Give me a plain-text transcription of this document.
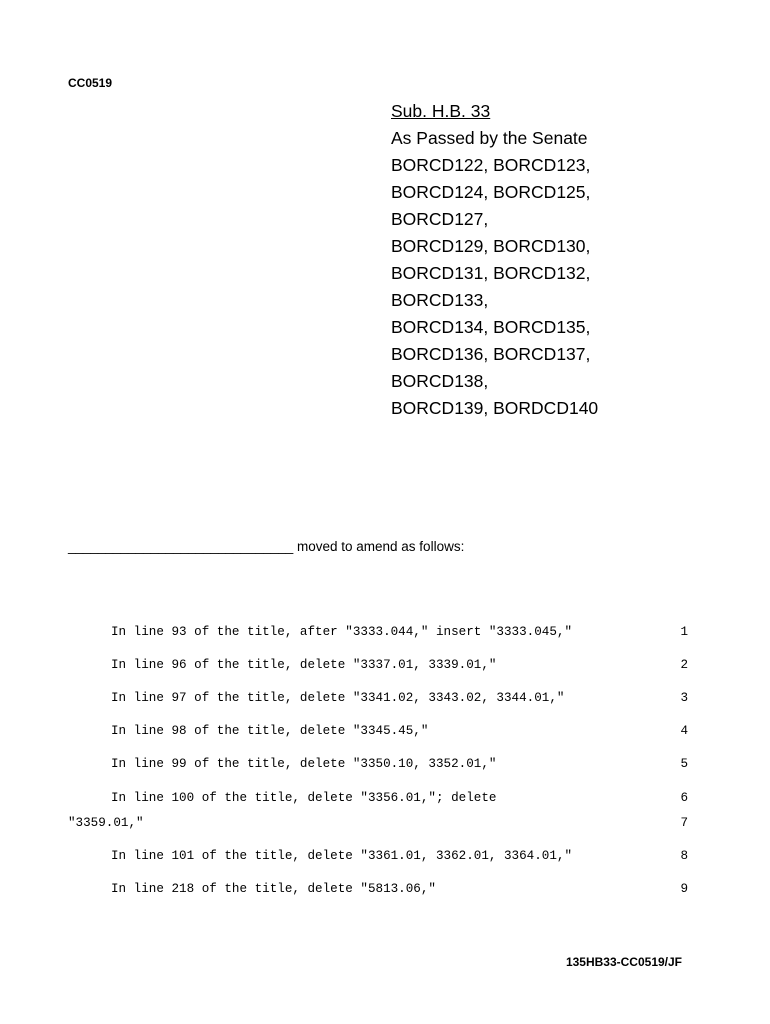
CC0519
Sub. H.B. 33
As Passed by the Senate
BORCD122, BORCD123,
BORCD124, BORCD125,
BORCD127,
BORCD129, BORCD130,
BORCD131, BORCD132,
BORCD133,
BORCD134, BORCD135,
BORCD136, BORCD137,
BORCD138,
BORCD139, BORDCD140
______________________________ moved to amend as follows:
In line 93 of the title, after "3333.044," insert "3333.045,"	1
In line 96 of the title, delete "3337.01, 3339.01,"	2
In line 97 of the title, delete "3341.02, 3343.02, 3344.01,"	3
In line 98 of the title, delete "3345.45,"	4
In line 99 of the title, delete "3350.10, 3352.01,"	5
In line 100 of the title, delete "3356.01,"; delete	6
"3359.01,"	7
In line 101 of the title, delete "3361.01, 3362.01, 3364.01,"	8
In line 218 of the title, delete "5813.06,"	9
135HB33-CC0519/JF
